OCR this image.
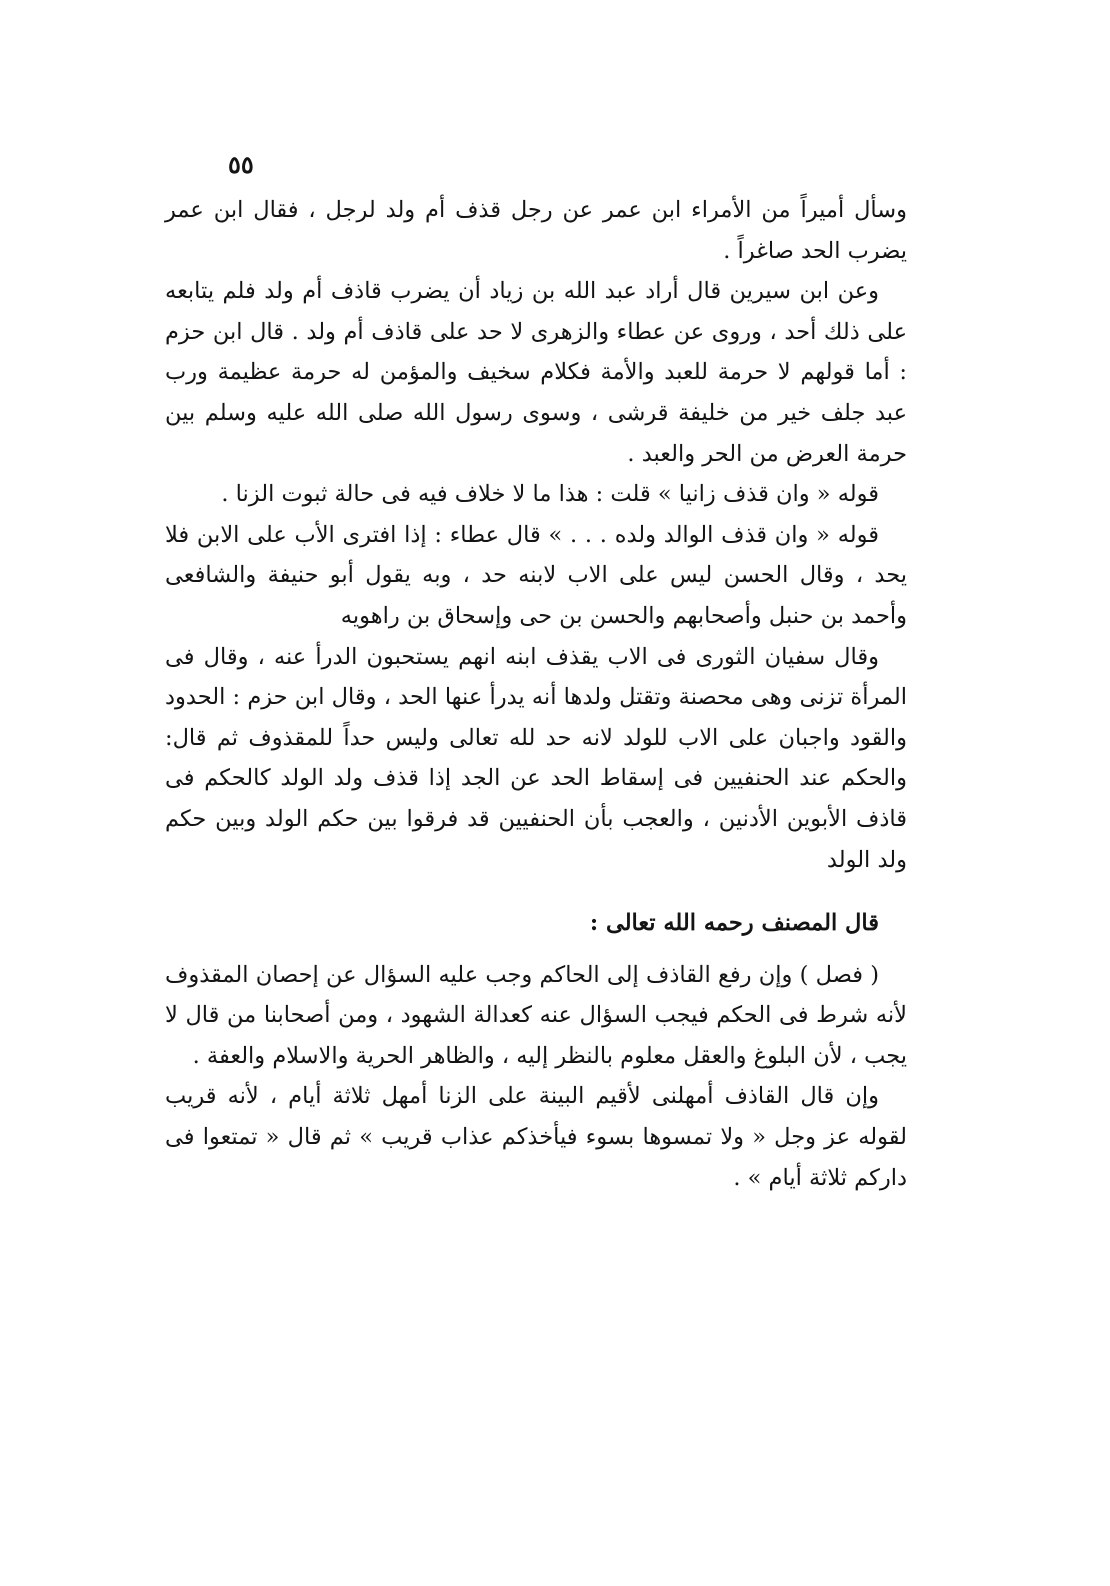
٥٥

وسأل أميراً من الأمراء ابن عمر عن رجل قذف أم ولد لرجل ، فقال ابن عمر يضرب الحد صاغراً .

وعن ابن سيرين قال أراد عبد الله بن زياد أن يضرب قاذف أم ولد فلم يتابعه على ذلك أحد ، وروى عن عطاء والزهرى لا حد على قاذف أم ولد . قال ابن حزم : أما قولهم لا حرمة للعبد والأمة فكلام سخيف والمؤمن له حرمة عظيمة ورب عبد جلف خير من خليفة قرشى ، وسوى رسول الله صلى الله عليه وسلم بين حرمة العرض من الحر والعبد .

قوله « وان قذف زانيا » قلت : هذا ما لا خلاف فيه فى حالة ثبوت الزنا .

قوله « وان قذف الوالد ولده . . . » قال عطاء : إذا افترى الأب على الابن فلا يحد ، وقال الحسن ليس على الاب لابنه حد ، وبه يقول أبو حنيفة والشافعى وأحمد بن حنبل وأصحابهم والحسن بن حى وإسحاق بن راهويه

وقال سفيان الثورى فى الاب يقذف ابنه انهم يستحبون الدرأ عنه ، وقال فى المرأة تزنى وهى محصنة وتقتل ولدها أنه يدرأ عنها الحد ، وقال ابن حزم : الحدود والقود واجبان على الاب للولد لانه حد لله تعالى وليس حداً للمقذوف ثم قال: والحكم عند الحنفيين فى إسقاط الحد عن الجد إذا قذف ولد الولد كالحكم فى قاذف الأبوين الأدنين ، والعجب بأن الحنفيين قد فرقوا بين حكم الولد وبين حكم ولد الولد

قال المصنف رحمه الله تعالى :

( فصل ) وإن رفع القاذف إلى الحاكم وجب عليه السؤال عن إحصان المقذوف لأنه شرط فى الحكم فيجب السؤال عنه كعدالة الشهود ، ومن أصحابنا من قال لا يجب ، لأن البلوغ والعقل معلوم بالنظر إليه ، والظاهر الحرية والاسلام والعفة .

وإن قال القاذف أمهلنى لأقيم البينة على الزنا أمهل ثلاثة أيام ، لأنه قريب لقوله عز وجل « ولا تمسوها بسوء فيأخذكم عذاب قريب » ثم قال « تمتعوا فى داركم ثلاثة أيام » .
